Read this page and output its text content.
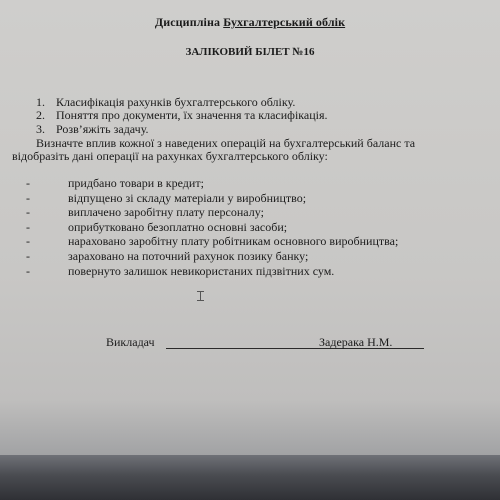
Дисципліна Бухгалтерський облік
ЗАЛІКОВИЙ БІЛЕТ №16
1. Класифікація рахунків бухгалтерського обліку.
2. Поняття про документи, їх значення та класифікація.
3. Розв’яжіть задачу.
Визначте вплив кожної з наведених операцій на бухгалтерський баланс та
відобразіть дані операції на рахунках бухгалтерського обліку:
-	придбано товари в кредит;
-	відпущено зі складу матеріали у виробництво;
-	виплачено заробітну плату персоналу;
-	оприбутковано безоплатно основні засоби;
-	нараховано заробітну плату робітникам основного виробництва;
-	зараховано на поточний рахунок позику банку;
-	повернуто залишок невикористаних підзвітних сум.
Викладач	Задерака Н.М.
